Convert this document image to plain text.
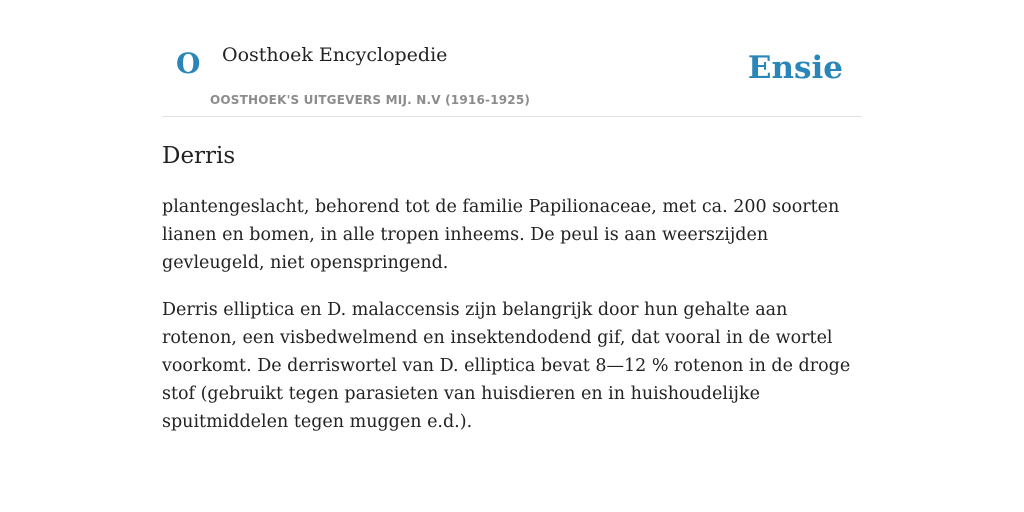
O Oosthoek Encyclopedie
OOSTHOEK'S UITGEVERS MIJ. N.V (1916-1925)
Ensie
Derris

plantengeslacht, behorend tot de familie Papilionaceae, met ca. 200 soorten lianen en bomen, in alle tropen inheems. De peul is aan weerszijden gevleugeld, niet openspringend.

Derris elliptica en D. malaccensis zijn belangrijk door hun gehalte aan rotenon, een visbedwelmend en insektendodend gif, dat vooral in de wortel voorkomt. De derriswortel van D. elliptica bevat 8—12 % rotenon in de droge stof (gebruikt tegen parasieten van huisdieren en in huishoudelijke spuitmiddelen tegen muggen e.d.).
